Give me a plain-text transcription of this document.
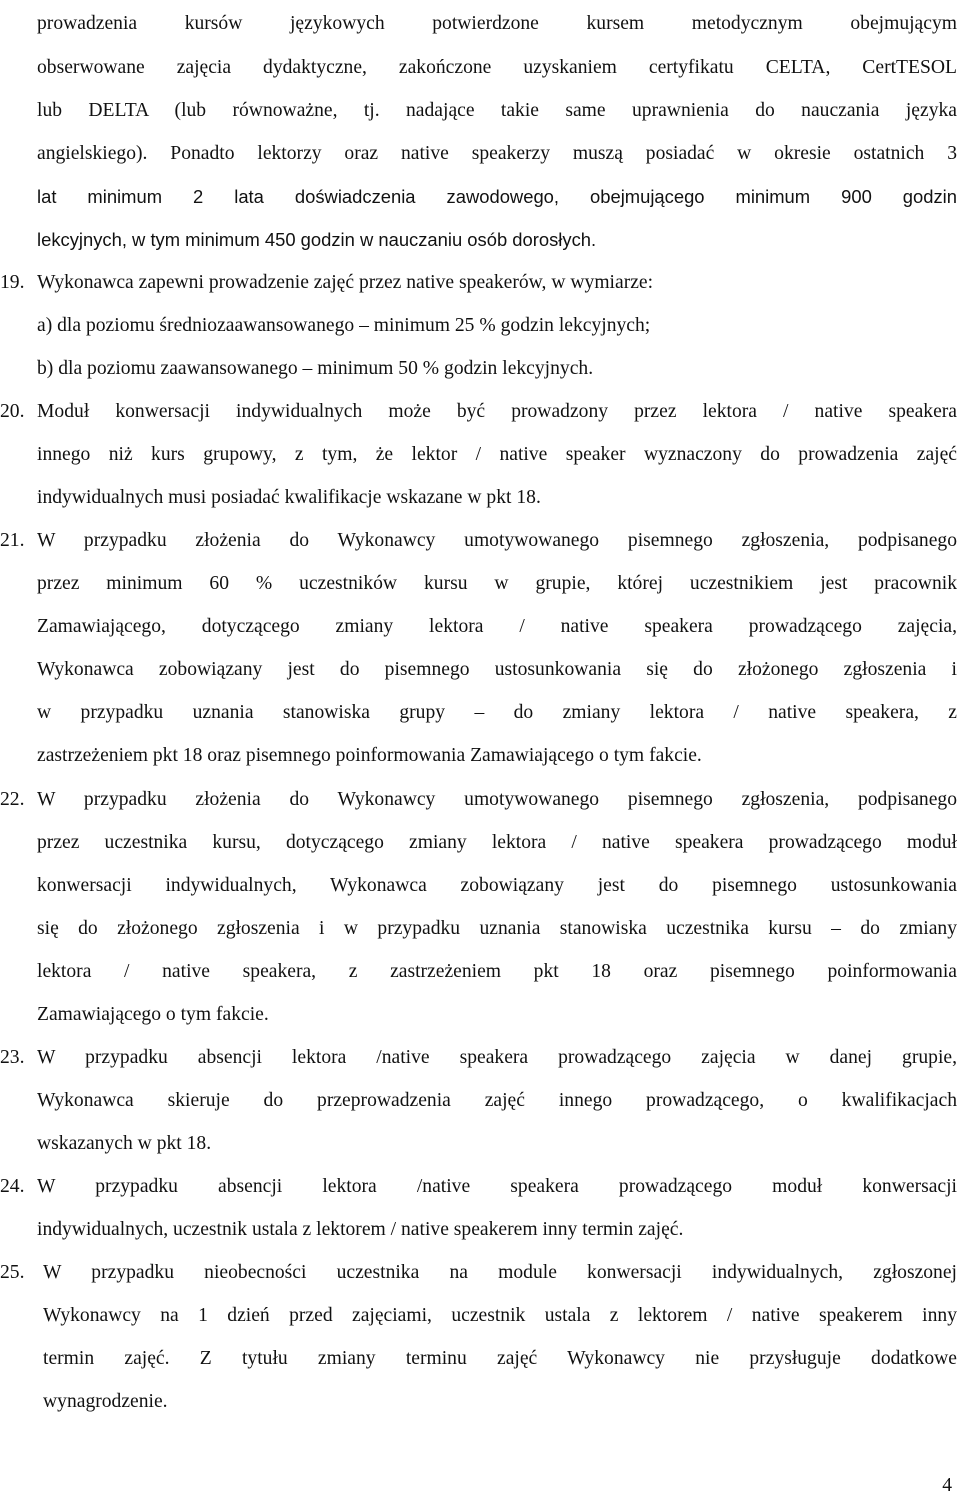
prowadzenia kursów językowych potwierdzone kursem metodycznym obejmującym
obserwowane zajęcia dydaktyczne, zakończone uzyskaniem certyfikatu CELTA, CertTESOL
lub DELTA (lub równoważne, tj. nadające takie same uprawnienia do nauczania języka
angielskiego). Ponadto lektorzy oraz native speakerzy muszą posiadać w okresie ostatnich 3
lat minimum 2 lata doświadczenia zawodowego, obejmującego minimum 900 godzin
lekcyjnych, w tym minimum 450 godzin w nauczaniu osób dorosłych.
19. Wykonawca zapewni prowadzenie zajęć przez native speakerów, w wymiarze:
a) dla poziomu średniozaawansowanego – minimum 25 % godzin lekcyjnych;
b) dla poziomu zaawansowanego – minimum 50 % godzin lekcyjnych.
20. Moduł konwersacji indywidualnych może być prowadzony przez lektora / native speakera
innego niż kurs grupowy, z tym, że lektor / native speaker wyznaczony do prowadzenia zajęć
indywidualnych musi posiadać kwalifikacje wskazane w pkt 18.
21. W przypadku złożenia do Wykonawcy umotywowanego pisemnego zgłoszenia, podpisanego
przez minimum 60 % uczestników kursu w grupie, której uczestnikiem jest pracownik
Zamawiającego, dotyczącego zmiany lektora / native speakera prowadzącego zajęcia,
Wykonawca zobowiązany jest do pisemnego ustosunkowania się do złożonego zgłoszenia i
w przypadku uznania stanowiska grupy – do zmiany lektora / native speakera, z
zastrzeżeniem pkt 18 oraz pisemnego poinformowania Zamawiającego o tym fakcie.
22. W przypadku złożenia do Wykonawcy umotywowanego pisemnego zgłoszenia, podpisanego
przez uczestnika kursu, dotyczącego zmiany lektora / native speakera prowadzącego moduł
konwersacji indywidualnych, Wykonawca zobowiązany jest do pisemnego ustosunkowania
się do złożonego zgłoszenia i w przypadku uznania stanowiska uczestnika kursu – do zmiany
lektora / native speakera, z zastrzeżeniem pkt 18 oraz pisemnego poinformowania
Zamawiającego o tym fakcie.
23. W przypadku absencji lektora /native speakera prowadzącego zajęcia w danej grupie,
Wykonawca skieruje do przeprowadzenia zajęć innego prowadzącego, o kwalifikacjach
wskazanych w pkt 18.
24. W przypadku absencji lektora /native speakera prowadzącego moduł konwersacji
indywidualnych, uczestnik ustala z lektorem / native speakerem inny termin zajęć.
25. W przypadku nieobecności uczestnika na module konwersacji indywidualnych, zgłoszonej
Wykonawcy na 1 dzień przed zajęciami, uczestnik ustala z lektorem / native speakerem inny
termin zajęć. Z tytułu zmiany terminu zajęć Wykonawcy nie przysługuje dodatkowe
wynagrodzenie.
4
